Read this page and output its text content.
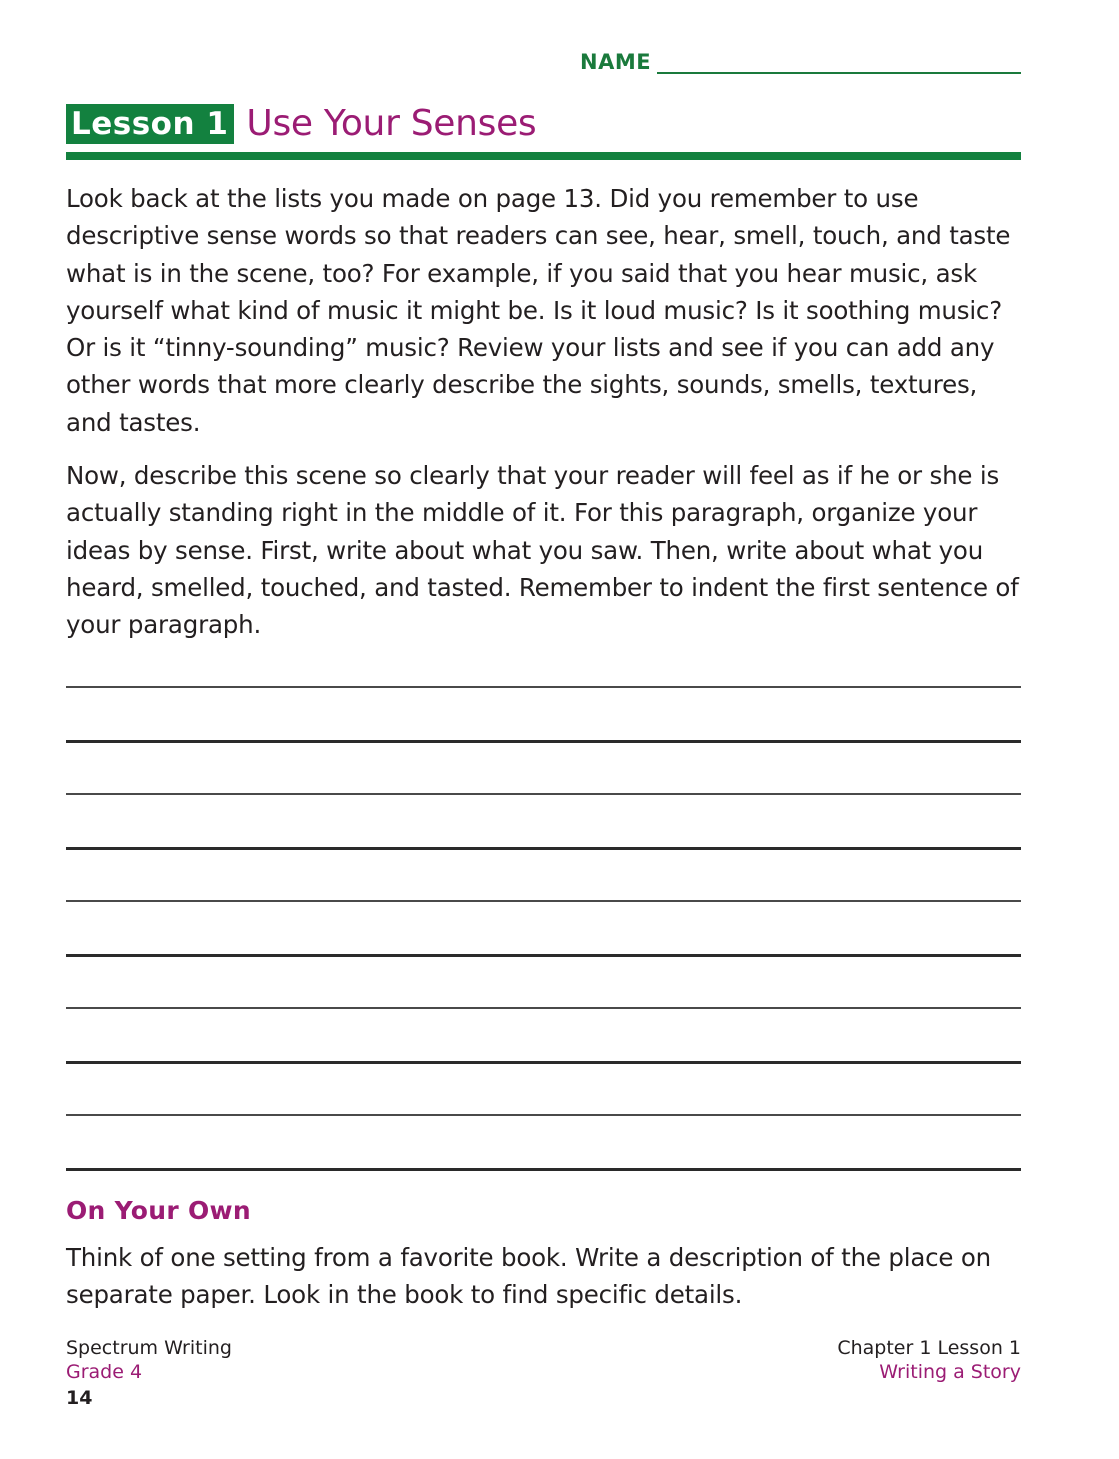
NAME
Lesson 1 Use Your Senses

Look back at the lists you made on page 13. Did you remember to use descriptive sense words so that readers can see, hear, smell, touch, and taste what is in the scene, too? For example, if you said that you hear music, ask yourself what kind of music it might be. Is it loud music? Is it soothing music? Or is it “tinny-sounding” music? Review your lists and see if you can add any other words that more clearly describe the sights, sounds, smells, textures, and tastes.

Now, describe this scene so clearly that your reader will feel as if he or she is actually standing right in the middle of it. For this paragraph, organize your ideas by sense. First, write about what you saw. Then, write about what you heard, smelled, touched, and tasted. Remember to indent the first sentence of your paragraph.

On Your Own

Think of one setting from a favorite book. Write a description of the place on separate paper. Look in the book to find specific details.

Spectrum Writing
Grade 4
14
Chapter 1 Lesson 1
Writing a Story
